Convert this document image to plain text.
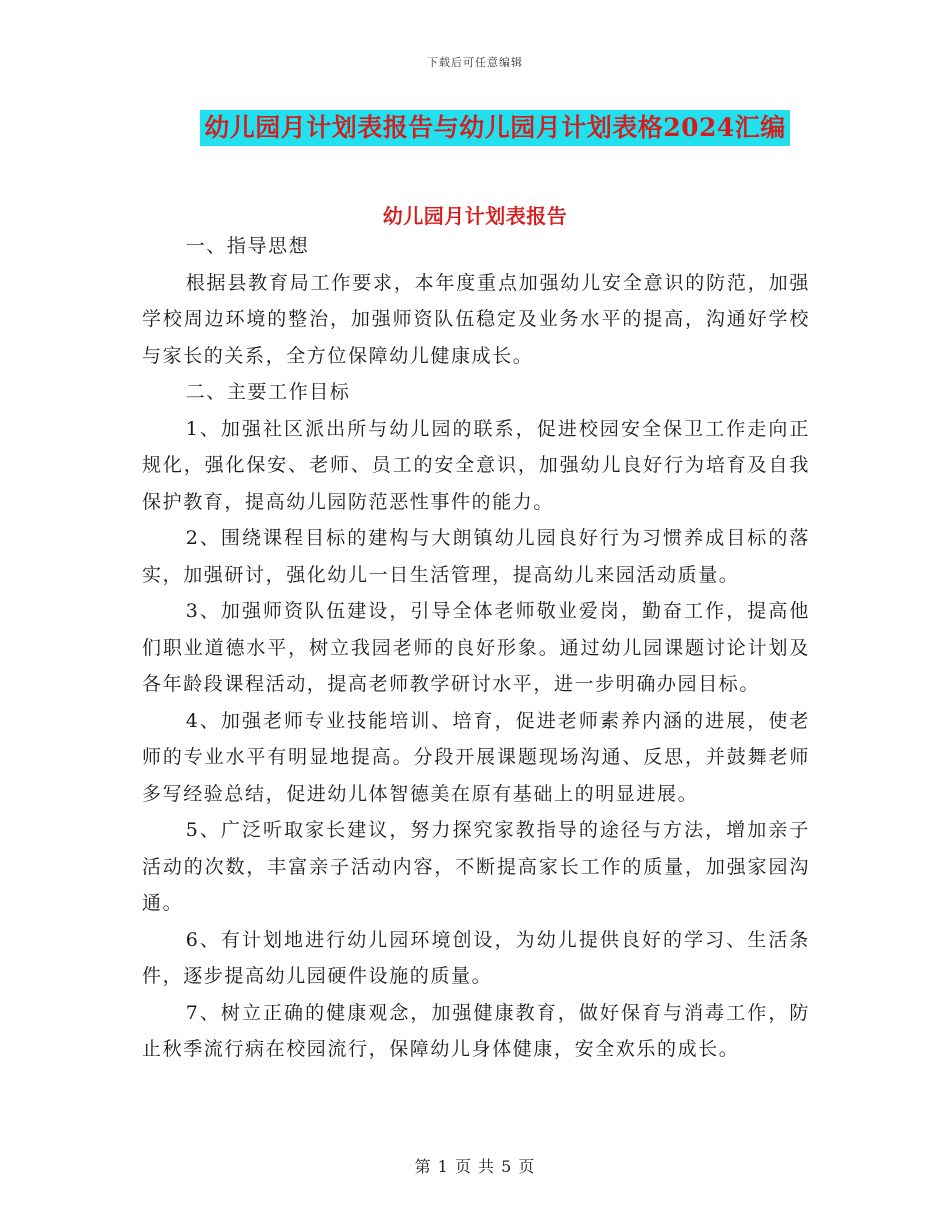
下载后可任意编辑
幼儿园月计划表报告与幼儿园月计划表格2024汇编
幼儿园月计划表报告

一、指导思想

根据县教育局工作要求，本年度重点加强幼儿安全意识的防范，加强学校周边环境的整治，加强师资队伍稳定及业务水平的提高，沟通好学校与家长的关系，全方位保障幼儿健康成长。

二、主要工作目标

1、加强社区派出所与幼儿园的联系，促进校园安全保卫工作走向正规化，强化保安、老师、员工的安全意识，加强幼儿良好行为培育及自我保护教育，提高幼儿园防范恶性事件的能力。

2、围绕课程目标的建构与大朗镇幼儿园良好行为习惯养成目标的落实，加强研讨，强化幼儿一日生活管理，提高幼儿来园活动质量。

3、加强师资队伍建设，引导全体老师敬业爱岗，勤奋工作，提高他们职业道德水平，树立我园老师的良好形象。通过幼儿园课题讨论计划及各年龄段课程活动，提高老师教学研讨水平，进一步明确办园目标。

4、加强老师专业技能培训、培育，促进老师素养内涵的进展，使老师的专业水平有明显地提高。分段开展课题现场沟通、反思，并鼓舞老师多写经验总结，促进幼儿体智德美在原有基础上的明显进展。

5、广泛听取家长建议，努力探究家教指导的途径与方法，增加亲子活动的次数，丰富亲子活动内容，不断提高家长工作的质量，加强家园沟通。

6、有计划地进行幼儿园环境创设，为幼儿提供良好的学习、生活条件，逐步提高幼儿园硬件设施的质量。

7、树立正确的健康观念，加强健康教育，做好保育与消毒工作，防止秋季流行病在校园流行，保障幼儿身体健康，安全欢乐的成长。

第 1 页 共 5 页
